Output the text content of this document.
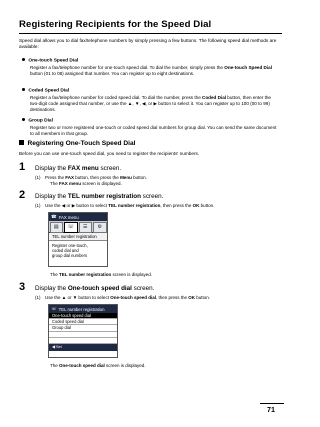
Registering Recipients for the Speed Dial
Speed dial allows you to dial fax/telephone numbers by simply pressing a few buttons. The following speed dial methods are available:
One-touch Speed Dial
Register a fax/telephone number for one-touch speed dial. To dial the number, simply press the One-touch Speed Dial button (01 to 08) assigned that number. You can register up to eight destinations.
Coded Speed Dial
Register a fax/telephone number for coded speed dial. To dial the number, press the Coded Dial button, then enter the two-digit code assigned that number, or use the ▲, ▼, ◀, or ▶ button to select it. You can register up to 100 (00 to 99) destinations.
Group Dial
Register two or more registered one-touch or coded speed dial numbers for group dial. You can send the same document to all members in that group.
Registering One-Touch Speed Dial
Before you can use one-touch speed dial, you need to register the recipients' numbers.
1 Display the FAX menu screen.
(1) Press the FAX button, then press the Menu button.
The FAX menu screen is displayed.
2 Display the TEL number registration screen.
(1) Use the ◀ or ▶ button to select TEL number registration, then press the OK button.
☎ FAX menu
▤	☏	☰	⚙
TEL number registration
Register one-touch,
coded dial and
group dial numbers
The TEL number registration screen is displayed.
3 Display the One-touch speed dial screen.
(1) Use the ▲ or ▼ button to select One-touch speed dial, then press the OK button.
☏ TEL number registration
One-touch speed dial
Coded speed dial
Group dial
◀ Set
The One-touch speed dial screen is displayed.
71
